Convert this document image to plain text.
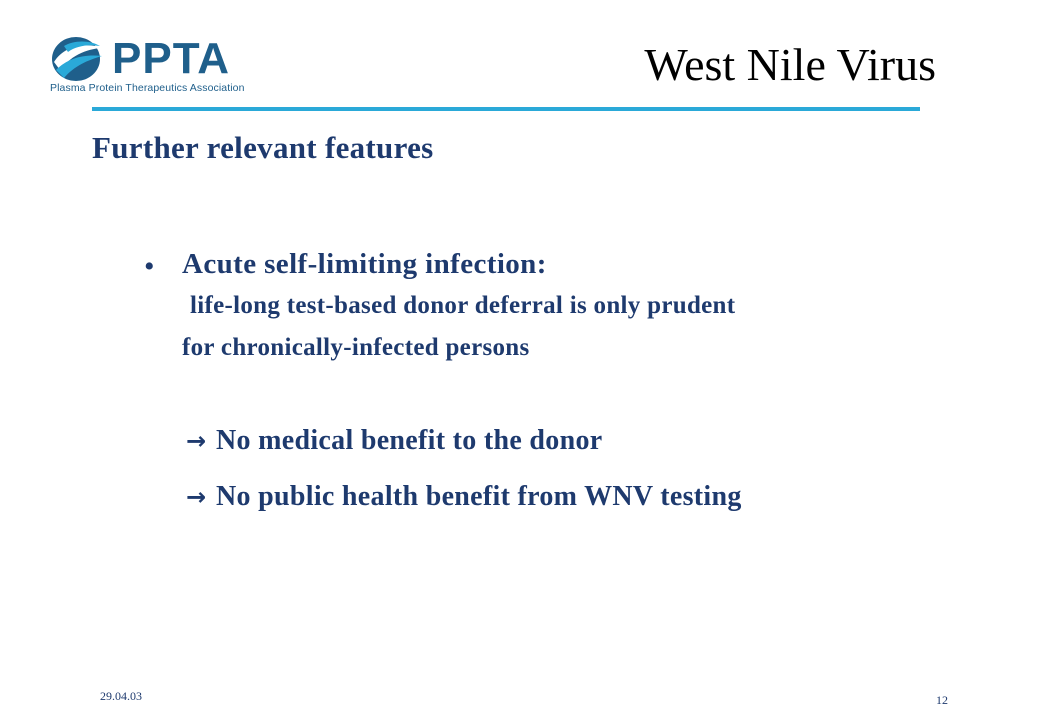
PPTA
Plasma Protein Therapeutics Association	West Nile Virus
Further relevant features
• Acute self-limiting infection:
life-long test-based donor deferral is only prudent
for chronically-infected persons
→ No medical benefit to the donor
→ No public health benefit from WNV testing
29.04.03	12
